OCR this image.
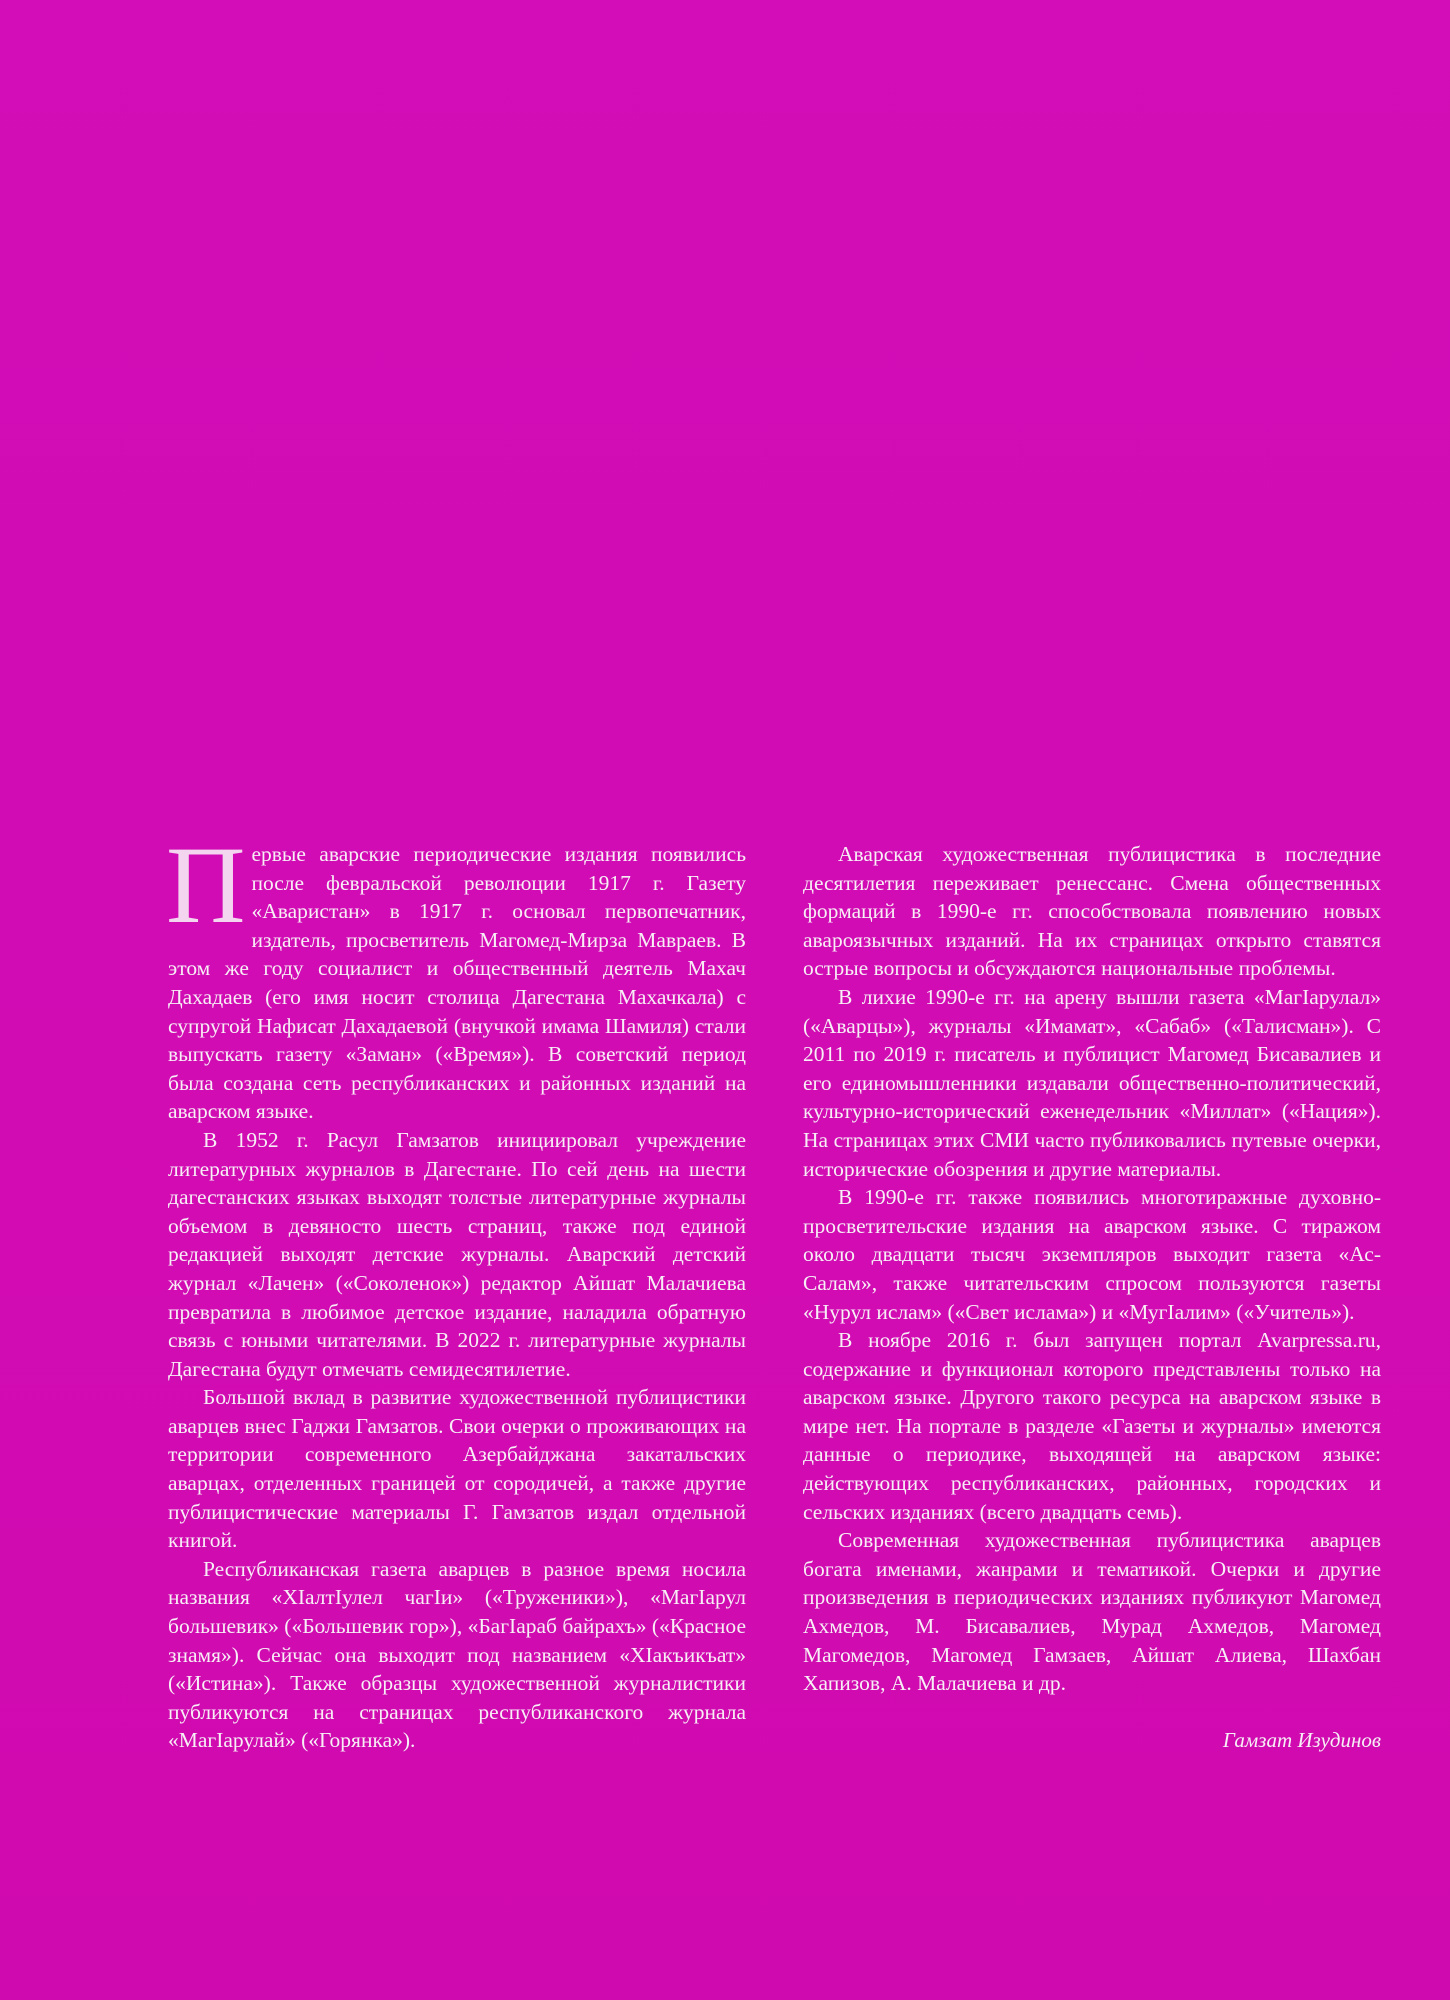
Первые аварские периодические издания появились после февральской революции 1917 г. Газету «Аваристан» в 1917 г. основал первопечатник, издатель, просветитель Магомед-Мирза Мавраев. В этом же году социалист и общественный деятель Махач Дахадаев (его имя носит столица Дагестана Махачкала) с супругой Нафисат Дахадаевой (внучкой имама Шамиля) стали выпускать газету «Заман» («Время»). В советский период была создана сеть республиканских и районных изданий на аварском языке.

В 1952 г. Расул Гамзатов инициировал учреждение литературных журналов в Дагестане. По сей день на шести дагестанских языках выходят толстые литературные журналы объемом в девяносто шесть страниц, также под единой редакцией выходят детские журналы. Аварский детский журнал «Лачен» («Соколенок») редактор Айшат Малачиева превратила в любимое детское издание, наладила обратную связь с юными читателями. В 2022 г. литературные журналы Дагестана будут отмечать семидесятилетие.

Большой вклад в развитие художественной публицистики аварцев внес Гаджи Гамзатов. Свои очерки о проживающих на территории современного Азербайджана закатальских аварцах, отделенных границей от сородичей, а также другие публицистические материалы Г. Гамзатов издал отдельной книгой.

Республиканская газета аварцев в разное время носила названия «ХIалтIулел чагIи» («Труженики»), «МагIарул большевик» («Большевик гор»), «БагIараб байрахъ» («Красное знамя»). Сейчас она выходит под названием «ХIакъикъат» («Истина»). Также образцы художественной журналистики публикуются на страницах республиканского журнала «МагIарулай» («Горянка»).

Аварская художественная публицистика в последние десятилетия переживает ренессанс. Смена общественных формаций в 1990-е гг. способствовала появлению новых авароязычных изданий. На их страницах открыто ставятся острые вопросы и обсуждаются национальные проблемы.

В лихие 1990-е гг. на арену вышли газета «МагIарулал» («Аварцы»), журналы «Имамат», «Сабаб» («Талисман»). С 2011 по 2019 г. писатель и публицист Магомед Бисавалиев и его единомышленники издавали общественно-политический, культурно-исторический еженедельник «Миллат» («Нация»). На страницах этих СМИ часто публиковались путевые очерки, исторические обозрения и другие материалы.

В 1990-е гг. также появились многотиражные духовно-просветительские издания на аварском языке. С тиражом около двадцати тысяч экземпляров выходит газета «Ас-Салам», также читательским спросом пользуются газеты «Нурул ислам» («Свет ислама») и «МугIалим» («Учитель»).

В ноябре 2016 г. был запущен портал Avarpressa.ru, содержание и функционал которого представлены только на аварском языке. Другого такого ресурса на аварском языке в мире нет. На портале в разделе «Газеты и журналы» имеются данные о периодике, выходящей на аварском языке: действующих республиканских, районных, городских и сельских изданиях (всего двадцать семь).

Современная художественная публицистика аварцев богата именами, жанрами и тематикой. Очерки и другие произведения в периодических изданиях публикуют Магомед Ахмедов, М. Бисавалиев, Мурад Ахмедов, Магомед Магомедов, Магомед Гамзаев, Айшат Алиева, Шахбан Хапизов, А. Малачиева и др.

Гамзат Изудинов
